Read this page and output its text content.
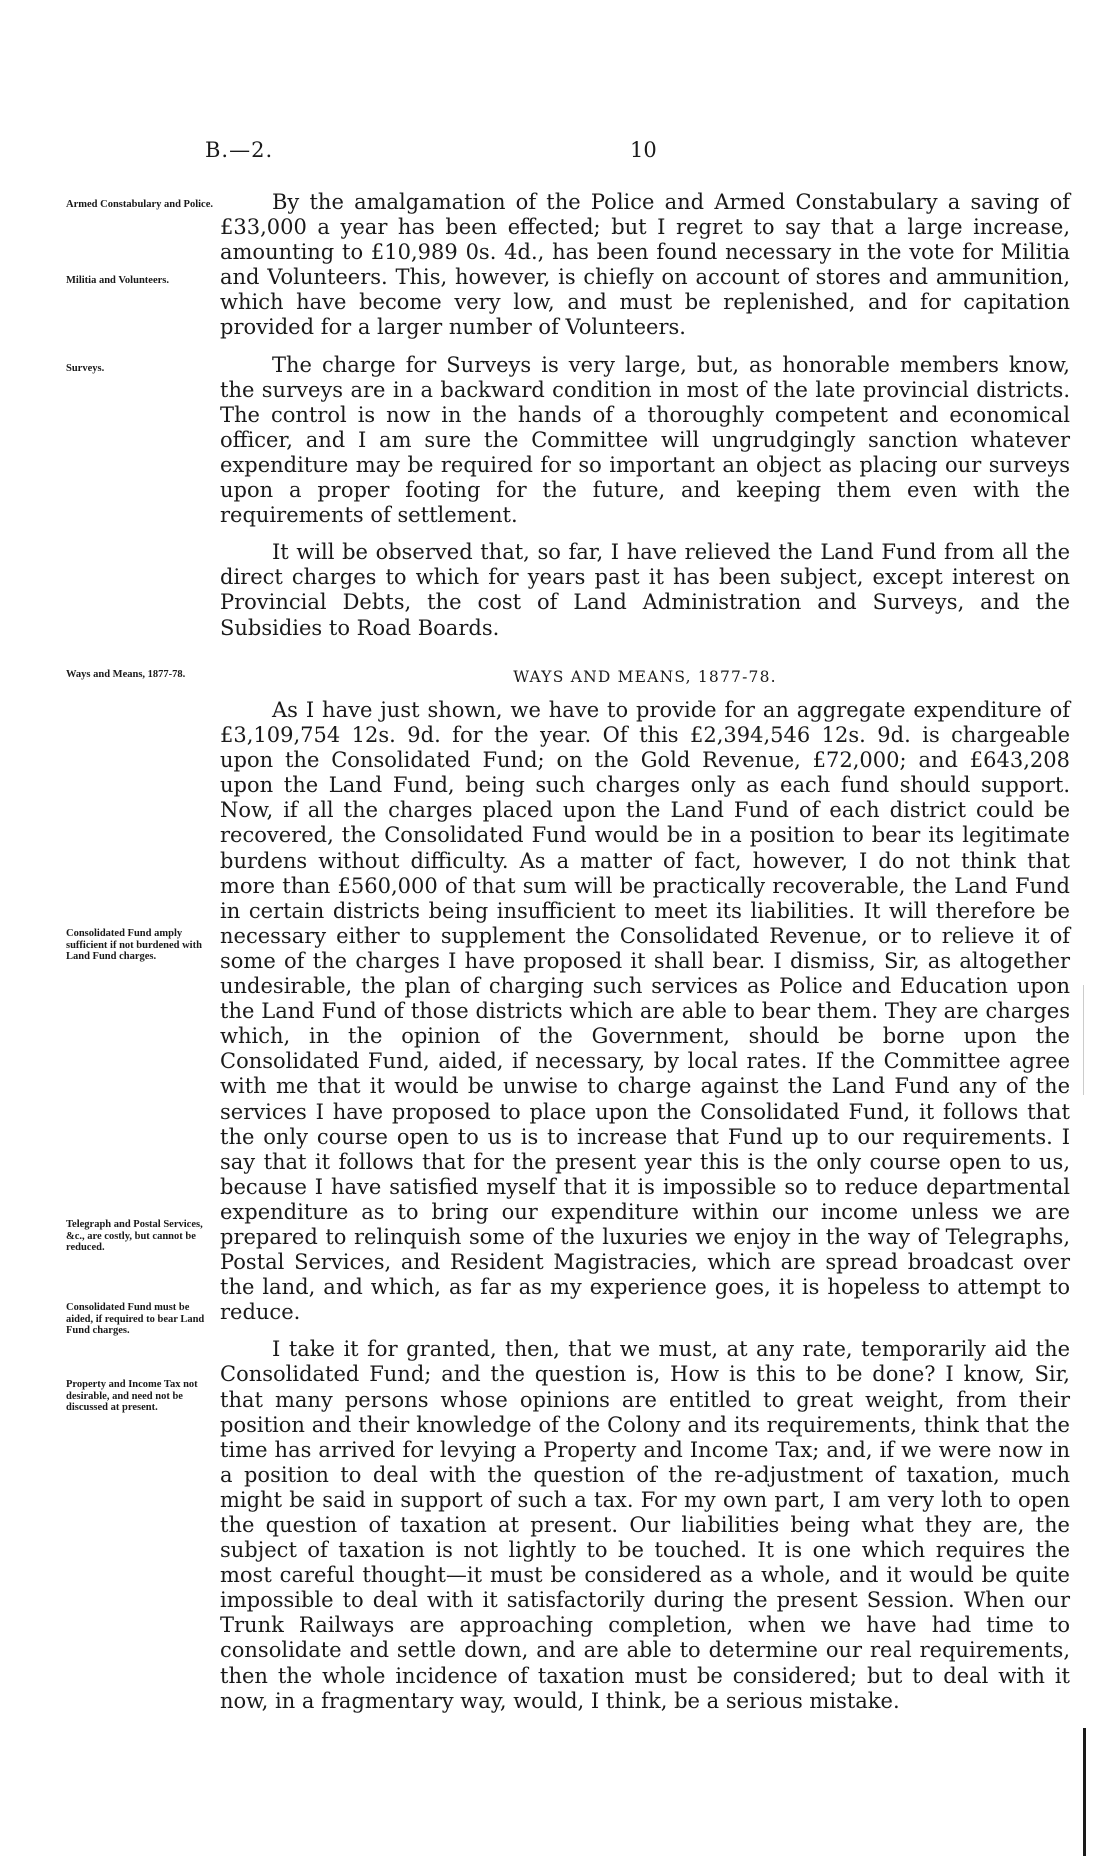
B.—2.	10
Armed Constabulary and Police.
Militia and Volunteers.
Surveys.
Ways and Means, 1877-78.
Consolidated Fund amply sufficient if not burdened with Land Fund charges.
Telegraph and Postal Services, &c., are costly, but cannot be reduced.
Consolidated Fund must be aided, if required to bear Land Fund charges.
Property and Income Tax not desirable, and need not be discussed at present.

By the amalgamation of the Police and Armed Constabulary a saving of £33,000 a year has been effected; but I regret to say that a large increase, amounting to £10,989 0s. 4d., has been found necessary in the vote for Militia and Volunteers. This, however, is chiefly on account of stores and ammunition, which have become very low, and must be replenished, and for capitation provided for a larger number of Volunteers.

The charge for Surveys is very large, but, as honorable members know, the surveys are in a backward condition in most of the late provincial districts. The control is now in the hands of a thoroughly competent and economical officer, and I am sure the Committee will ungrudgingly sanction whatever expenditure may be required for so important an object as placing our surveys upon a proper footing for the future, and keeping them even with the requirements of settlement.

It will be observed that, so far, I have relieved the Land Fund from all the direct charges to which for years past it has been subject, except interest on Provincial Debts, the cost of Land Administration and Surveys, and the Subsidies to Road Boards.

WAYS AND MEANS, 1877-78.

As I have just shown, we have to provide for an aggregate expenditure of £3,109,754 12s. 9d. for the year. Of this £2,394,546 12s. 9d. is chargeable upon the Consolidated Fund; on the Gold Revenue, £72,000; and £643,208 upon the Land Fund, being such charges only as each fund should support. Now, if all the charges placed upon the Land Fund of each district could be recovered, the Consolidated Fund would be in a position to bear its legitimate burdens without difficulty. As a matter of fact, however, I do not think that more than £560,000 of that sum will be practically recoverable, the Land Fund in certain districts being insufficient to meet its liabilities. It will therefore be necessary either to supplement the Consolidated Revenue, or to relieve it of some of the charges I have proposed it shall bear. I dismiss, Sir, as altogether undesirable, the plan of charging such services as Police and Education upon the Land Fund of those districts which are able to bear them. They are charges which, in the opinion of the Government, should be borne upon the Consolidated Fund, aided, if necessary, by local rates. If the Committee agree with me that it would be unwise to charge against the Land Fund any of the services I have proposed to place upon the Consolidated Fund, it follows that the only course open to us is to increase that Fund up to our requirements. I say that it follows that for the present year this is the only course open to us, because I have satisfied myself that it is impossible so to reduce departmental expenditure as to bring our expenditure within our income unless we are prepared to relinquish some of the luxuries we enjoy in the way of Telegraphs, Postal Services, and Resident Magistracies, which are spread broadcast over the land, and which, as far as my experience goes, it is hopeless to attempt to reduce.

I take it for granted, then, that we must, at any rate, temporarily aid the Consolidated Fund; and the question is, How is this to be done? I know, Sir, that many persons whose opinions are entitled to great weight, from their position and their knowledge of the Colony and its requirements, think that the time has arrived for levying a Property and Income Tax; and, if we were now in a position to deal with the question of the re-adjustment of taxation, much might be said in support of such a tax. For my own part, I am very loth to open the question of taxation at present. Our liabilities being what they are, the subject of taxation is not lightly to be touched. It is one which requires the most careful thought—it must be considered as a whole, and it would be quite impossible to deal with it satisfactorily during the present Session. When our Trunk Railways are approaching completion, when we have had time to consolidate and settle down, and are able to determine our real requirements, then the whole incidence of taxation must be considered; but to deal with it now, in a fragmentary way, would, I think, be a serious mistake.
